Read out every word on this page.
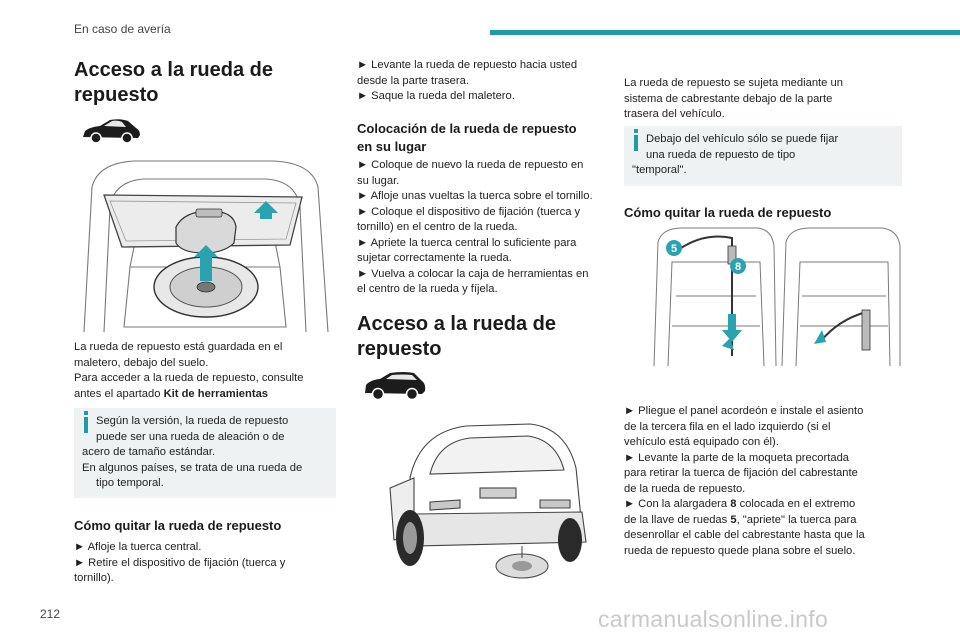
En caso de avería
Acceso a la rueda de repuesto

La rueda de repuesto está guardada en el

maletero, debajo del suelo.

Para acceder a la rueda de repuesto, consulte

antes el apartado Kit de herramientas

Según la versión, la rueda de repuesto

puede ser una rueda de aleación o de

acero de tamaño estándar.

En algunos países, se trata de una rueda de

tipo temporal.

Cómo quitar la rueda de repuesto

► Afloje la tuerca central.

► Retire el dispositivo de fijación (tuerca y

tornillo).

► Levante la rueda de repuesto hacia usted

desde la parte trasera.

► Saque la rueda del maletero.

Colocación de la rueda de repuesto
en su lugar

► Coloque de nuevo la rueda de repuesto en

su lugar.

► Afloje unas vueltas la tuerca sobre el tornillo.

► Coloque el dispositivo de fijación (tuerca y

tornillo) en el centro de la rueda.

► Apriete la tuerca central lo suficiente para

sujetar correctamente la rueda.

► Vuelva a colocar la caja de herramientas en

el centro de la rueda y fíjela.

Acceso a la rueda de repuesto

La rueda de repuesto se sujeta mediante un

sistema de cabrestante debajo de la parte

trasera del vehículo.

Debajo del vehículo sólo se puede fijar

una rueda de repuesto de tipo

"temporal".

Cómo quitar la rueda de repuesto
5
8

► Pliegue el panel acordeón e instale el asiento

de la tercera fila en el lado izquierdo (si el

vehículo está equipado con él).

► Levante la parte de la moqueta precortada

para retirar la tuerca de fijación del cabrestante

de la rueda de repuesto.

► Con la alargadera 8 colocada en el extremo

de la llave de ruedas 5, "apriete" la tuerca para

desenrollar el cable del cabrestante hasta que la

rueda de repuesto quede plana sobre el suelo.

212	carmanualsonline.info
